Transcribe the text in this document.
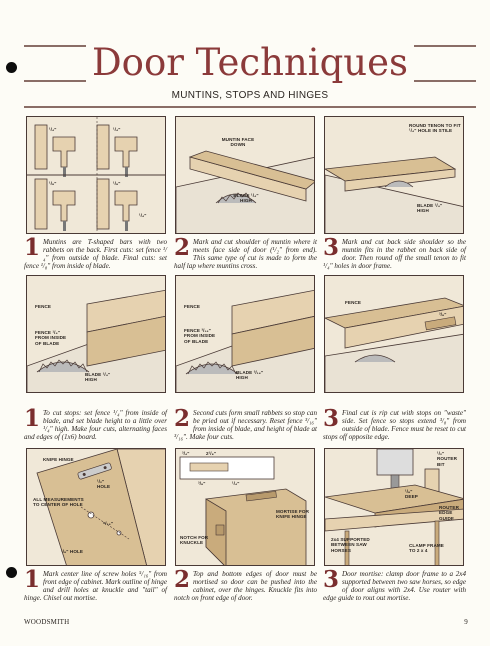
Door Techniques
MUNTINS, STOPS AND HINGES
¹/₄"	¹/₄"
¹/₈"	¹/₈"
¹/₄"
1 Muntins are T-shaped bars with two rabbets on the back. First cuts: set fence ¹/₄" from outside of blade. Final cuts: set fence ¹/₈" from inside of blade.
MUNTIN FACE DOWN
BLADE ¹/₄" HIGH
2 Mark and cut shoulder of muntin where it meets face side of door (¹/₂" from end). This same type of cut is made to form the half lap where muntins cross.
ROUND TENON TO FIT ¹/₄" HOLE IN STILE
BLADE ¹/₄" HIGH
3 Mark and cut back side shoulder so the muntin fits in the rabbet on back side of door. Then round off the small tenon to fit ¹/₄" holes in door frame.
FENCE
FENCE ¹/₄" FROM INSIDE OF BLADE
BLADE ¹/₄" HIGH
1 To cut stops: set fence ¹/₄" from inside of blade, and set blade height to a little over ¹/₄" high. Make four cuts, alternating faces and edges of (1x6) board.
FENCE
FENCE ³/₁₆" FROM INSIDE OF BLADE
BLADE ³/₁₆" HIGH
2 Second cuts form small rabbets so stop can be pried out if necessary. Reset fence ³/₁₆" from inside of blade, and height of blade at ³/₁₆". Make four cuts.
FENCE
³/₈"
3 Final cut is rip cut with stops on "waste" side. Set fence so stops extend ³/₈" from outside of blade. Fence must be reset to cut stops off opposite edge.
KNIFE HINGE
¹/₂" HOLE
ALL MEASUREMENTS TO CENTER OF HOLE
⁵/₁₆"
¹/₈" HOLE
1 Mark center line of screw holes ⁵/₁₆" from front edge of cabinet. Mark outline of hinge and drill holes at knuckle and "tail" of hinge. Chisel out mortise.
³/₄"	2¹/₈"
¹/₄"
³/₈"
MORTISE FOR KNIFE HINGE
NOTCH FOR KNUCKLE
2 Top and bottom edges of door must be mortised so door can be pushed into the cabinet, over the hinges. Knuckle fits into notch on front edge of door.
¹/₂" ROUTER BIT
¹/₈" DEEP
ROUTER EDGE GUIDE
2x4 SUPPORTED BETWEEN SAW HORSES
CLAMP FRAME TO 2 x 4
3 Door mortise: clamp door frame to a 2x4 supported between two saw horses, so edge of door aligns with 2x4. Use router with edge guide to rout out mortise.
WOODSMITH	9
